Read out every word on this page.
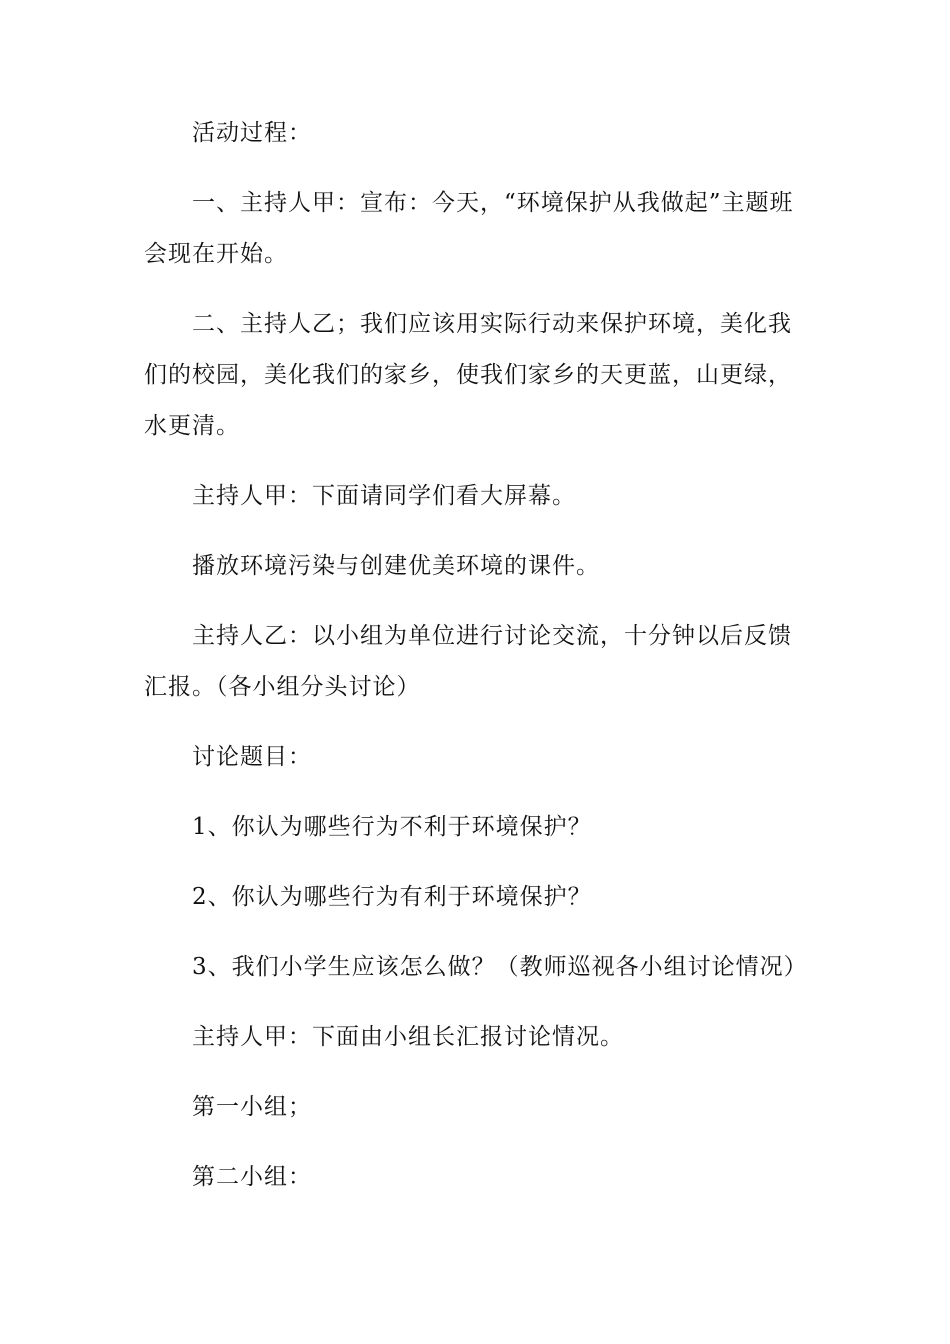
活动过程：

一、主持人甲：宣布：今天，“环境保护从我做起”主题班会现在开始。

二、主持人乙；我们应该用实际行动来保护环境，美化我们的校园，美化我们的家乡，使我们家乡的天更蓝，山更绿，水更清。

主持人甲：下面请同学们看大屏幕。

播放环境污染与创建优美环境的课件。

主持人乙：以小组为单位进行讨论交流，十分钟以后反馈汇报。（各小组分头讨论）

讨论题目：

1、你认为哪些行为不利于环境保护？

2、你认为哪些行为有利于环境保护？

3、我们小学生应该怎么做？（教师巡视各小组讨论情况）

主持人甲：下面由小组长汇报讨论情况。

第一小组；

第二小组：
